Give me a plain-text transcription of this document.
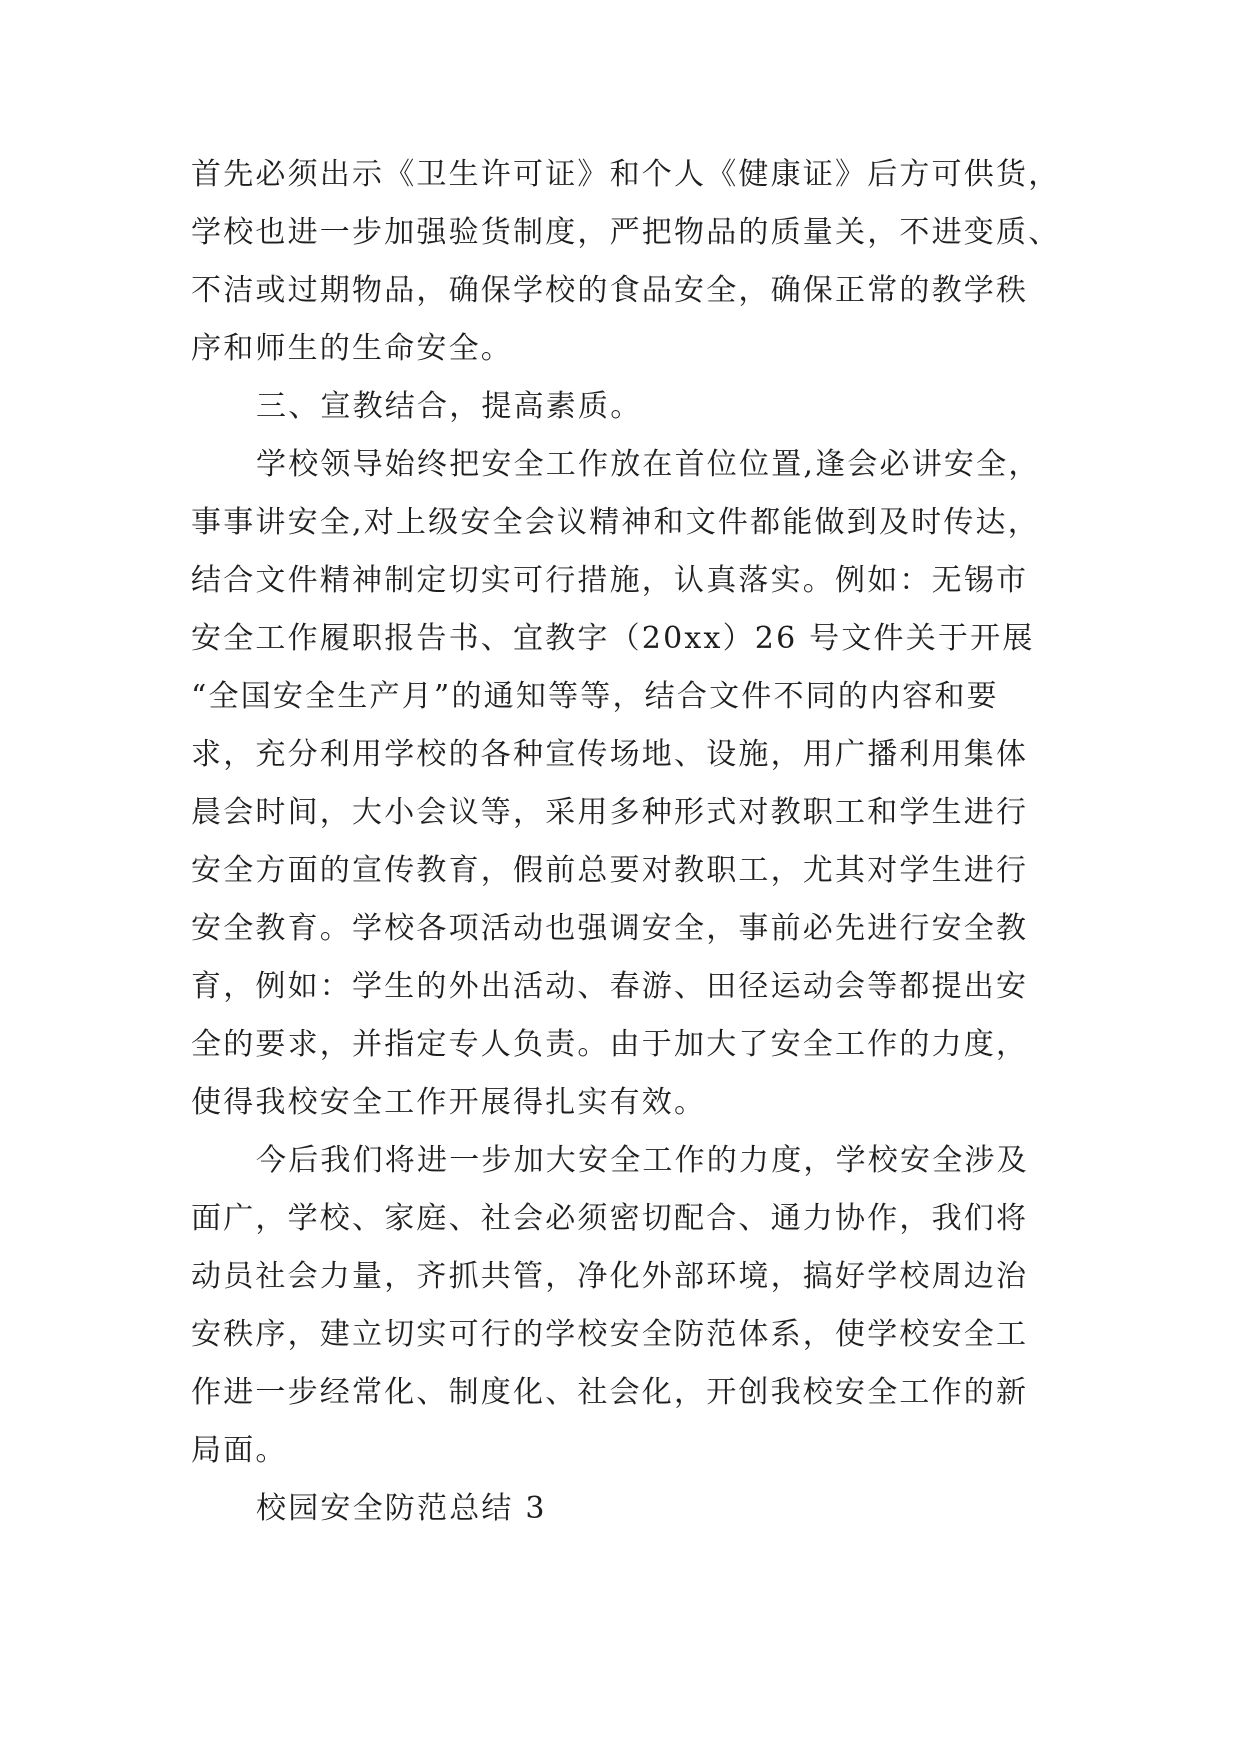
首先必须出示《卫生许可证》和个人《健康证》后方可供货，
学校也进一步加强验货制度，严把物品的质量关，不进变质、
不洁或过期物品，确保学校的食品安全，确保正常的教学秩
序和师生的生命安全。
三、宣教结合，提高素质。
学校领导始终把安全工作放在首位位置,逢会必讲安全，
事事讲安全,对上级安全会议精神和文件都能做到及时传达，
结合文件精神制定切实可行措施，认真落实。例如：无锡市
安全工作履职报告书、宜教字（20xx）26 号文件关于开展
“全国安全生产月”的通知等等，结合文件不同的内容和要
求，充分利用学校的各种宣传场地、设施，用广播利用集体
晨会时间，大小会议等，采用多种形式对教职工和学生进行
安全方面的宣传教育，假前总要对教职工，尤其对学生进行
安全教育。学校各项活动也强调安全，事前必先进行安全教
育，例如：学生的外出活动、春游、田径运动会等都提出安
全的要求，并指定专人负责。由于加大了安全工作的力度，
使得我校安全工作开展得扎实有效。
今后我们将进一步加大安全工作的力度，学校安全涉及
面广，学校、家庭、社会必须密切配合、通力协作，我们将
动员社会力量，齐抓共管，净化外部环境，搞好学校周边治
安秩序，建立切实可行的学校安全防范体系，使学校安全工
作进一步经常化、制度化、社会化，开创我校安全工作的新
局面。
校园安全防范总结 3
